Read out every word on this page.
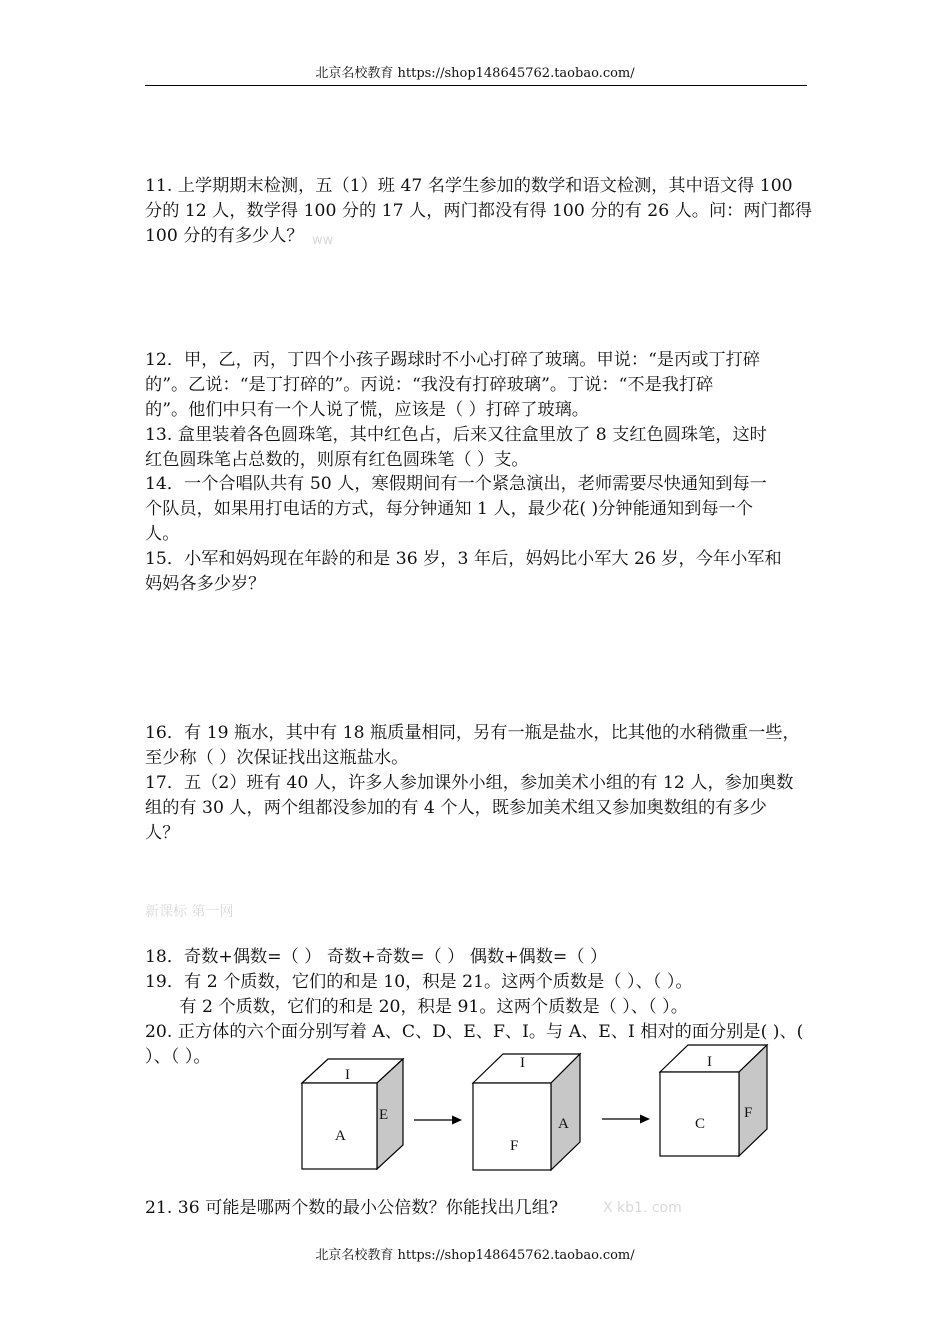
北京名校教育 https://shop148645762.taobao.com/
11. 上学期期末检测，五（1）班 47 名学生参加的数学和语文检测，其中语文得 100
分的 12 人，数学得 100 分的 17 人，两门都没有得 100 分的有 26 人。问：两门都得
100 分的有多少人？ ww
12．甲，乙，丙，丁四个小孩子踢球时不小心打碎了玻璃。甲说：“是丙或丁打碎
的”。乙说：“是丁打碎的”。丙说：“我没有打碎玻璃”。丁说：“不是我打碎
的”。他们中只有一个人说了慌，应该是（ ）打碎了玻璃。
13. 盒里装着各色圆珠笔，其中红色占，后来又往盒里放了 8 支红色圆珠笔，这时
红色圆珠笔占总数的，则原有红色圆珠笔（ ）支。
14．一个合唱队共有 50 人，寒假期间有一个紧急演出，老师需要尽快通知到每一
个队员，如果用打电话的方式，每分钟通知 1 人，最少花( )分钟能通知到每一个
人。
15．小军和妈妈现在年龄的和是 36 岁，3 年后，妈妈比小军大 26 岁，今年小军和
妈妈各多少岁？
16．有 19 瓶水，其中有 18 瓶质量相同，另有一瓶是盐水，比其他的水稍微重一些，
至少称（ ）次保证找出这瓶盐水。
17．五（2）班有 40 人，许多人参加课外小组，参加美术小组的有 12 人，参加奥数
组的有 30 人，两个组都没参加的有 4 个人，既参加美术组又参加奥数组的有多少
人？
新课标 第一网
18．奇数+偶数=（ ） 奇数+奇数=（ ） 偶数+偶数=（ ）
19．有 2 个质数，它们的和是 10，积是 21。这两个质数是（ ）、（ ）。
　　有 2 个质数，它们的和是 20，积是 91。这两个质数是（ ）、（ ）。
20. 正方体的六个面分别写着 A、C、D、E、F、I。与 A、E、I 相对的面分别是( )、(
）、（ ）。
I
A
E
I
F
A
I
C
F
21. 36 可能是哪两个数的最小公倍数？你能找出几组?	X kb1. com
北京名校教育 https://shop148645762.taobao.com/
